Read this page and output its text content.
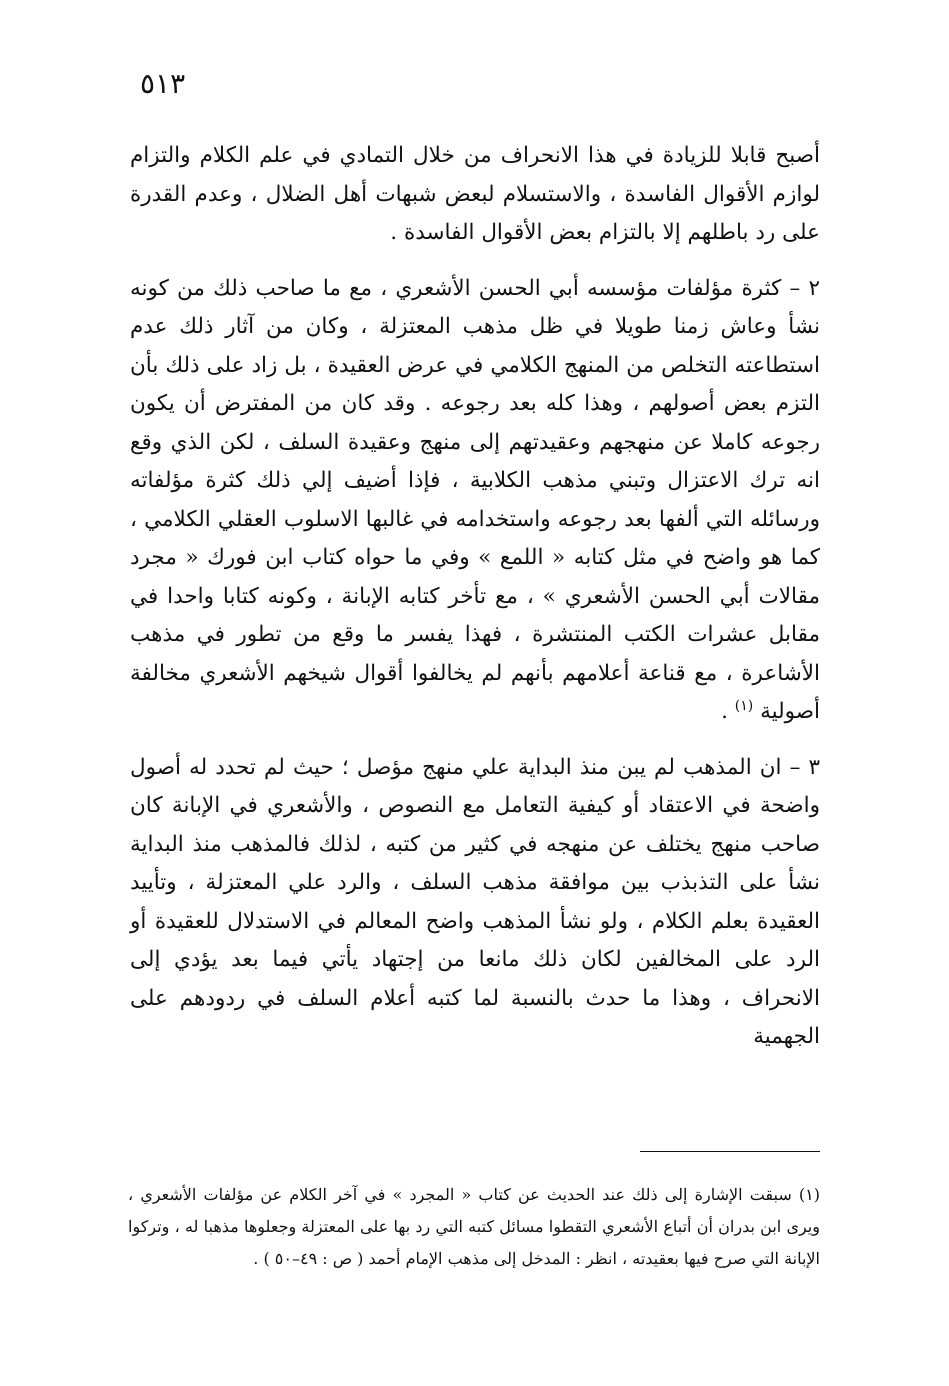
٥١٣

أصبح قابلا للزيادة في هذا الانحراف من خلال التمادي في علم الكلام والتزام لوازم الأقوال الفاسدة ، والاستسلام لبعض شبهات أهل الضلال ، وعدم القدرة على رد باطلهم إلا بالتزام بعض الأقوال الفاسدة .

٢ – كثرة مؤلفات مؤسسه أبي الحسن الأشعري ، مع ما صاحب ذلك من كونه نشأ وعاش زمنا طويلا في ظل مذهب المعتزلة ، وكان من آثار ذلك عدم استطاعته التخلص من المنهج الكلامي في عرض العقيدة ، بل زاد على ذلك بأن التزم بعض أصولهم ، وهذا كله بعد رجوعه . وقد كان من المفترض أن يكون رجوعه كاملا عن منهجهم وعقيدتهم إلى منهج وعقيدة السلف ، لكن الذي وقع انه ترك الاعتزال وتبني مذهب الكلابية ، فإذا أضيف إلي ذلك كثرة مؤلفاته ورسائله التي ألفها بعد رجوعه واستخدامه في غالبها الاسلوب العقلي الكلامي ، كما هو واضح في مثل كتابه « اللمع » وفي ما حواه كتاب ابن فورك « مجرد مقالات أبي الحسن الأشعري » ، مع تأخر كتابه الإبانة ، وكونه كتابا واحدا في مقابل عشرات الكتب المنتشرة ، فهذا يفسر ما وقع من تطور في مذهب الأشاعرة ، مع قناعة أعلامهم بأنهم لم يخالفوا أقوال شيخهم الأشعري مخالفة أصولية $^{(١)}$ .

٣ – ان المذهب لم يبن منذ البداية علي منهج مؤصل ؛ حيث لم تحدد له أصول واضحة في الاعتقاد أو كيفية التعامل مع النصوص ، والأشعري في الإبانة كان صاحب منهج يختلف عن منهجه في كثير من كتبه ، لذلك فالمذهب منذ البداية نشأ على التذبذب بين موافقة مذهب السلف ، والرد علي المعتزلة ، وتأييد العقيدة بعلم الكلام ، ولو نشأ المذهب واضح المعالم في الاستدلال للعقيدة أو الرد على المخالفين لكان ذلك مانعا من إجتهاد يأتي فيما بعد يؤدي إلى الانحراف ، وهذا ما حدث بالنسبة لما كتبه أعلام السلف في ردودهم على الجهمية

(١) سبقت الإشارة إلى ذلك عند الحديث عن كتاب « المجرد » في آخر الكلام عن مؤلفات الأشعري ، ويرى ابن بدران أن أتباع الأشعري التقطوا مسائل كتبه التي رد بها على المعتزلة وجعلوها مذهبا له ، وتركوا الإبانة التي صرح فيها بعقيدته ، انظر : المدخل إلى مذهب الإمام أحمد ( ص : ٤٩–٥٠ ) .
